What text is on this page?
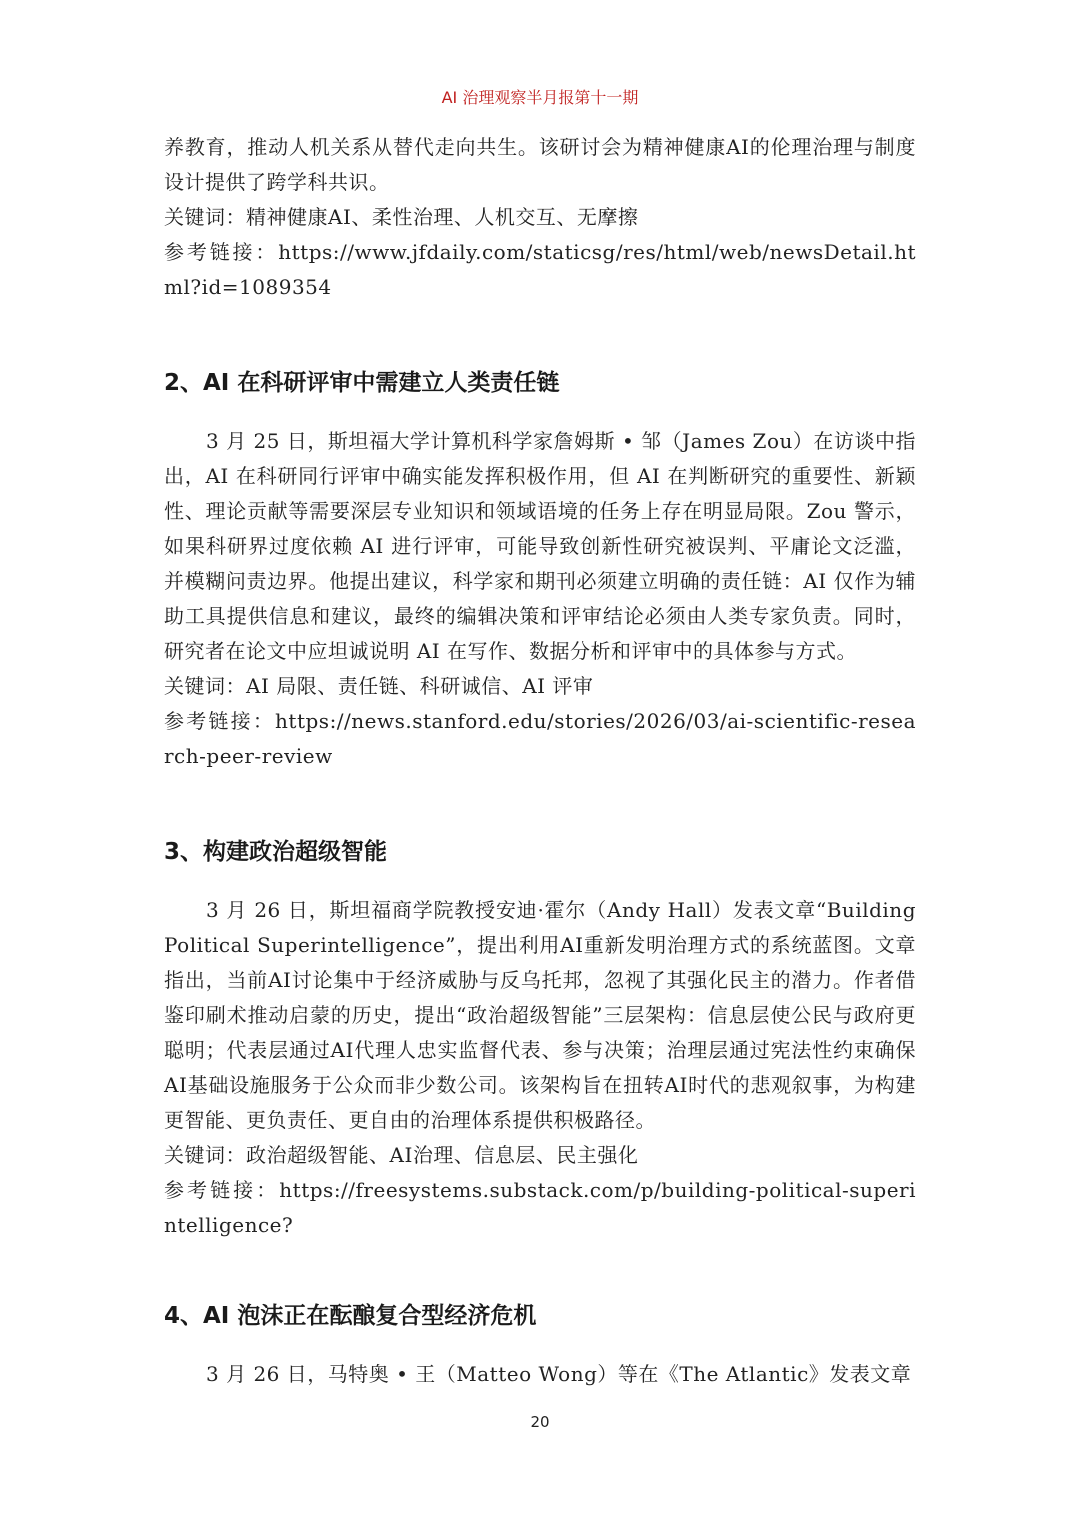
AI 治理观察半月报第十一期

养教育，推动人机关系从替代走向共生。该研讨会为精神健康AI的伦理治理与制度设计提供了跨学科共识。

关键词：精神健康AI、柔性治理、人机交互、无摩擦

参考链接：https://www.jfdaily.com/staticsg/res/html/web/newsDetail.html?id=1089354

2、AI 在科研评审中需建立人类责任链

3 月 25 日，斯坦福大学计算机科学家詹姆斯 • 邹（James Zou）在访谈中指出，AI 在科研同行评审中确实能发挥积极作用，但 AI 在判断研究的重要性、新颖性、理论贡献等需要深层专业知识和领域语境的任务上存在明显局限。Zou 警示，如果科研界过度依赖 AI 进行评审，可能导致创新性研究被误判、平庸论文泛滥，并模糊问责边界。他提出建议，科学家和期刊必须建立明确的责任链：AI 仅作为辅助工具提供信息和建议，最终的编辑决策和评审结论必须由人类专家负责。同时，研究者在论文中应坦诚说明 AI 在写作、数据分析和评审中的具体参与方式。

关键词：AI 局限、责任链、科研诚信、AI 评审

参考链接：https://news.stanford.edu/stories/2026/03/ai-scientific-research-peer-review

3、构建政治超级智能

3 月 26 日，斯坦福商学院教授安迪·霍尔（Andy Hall）发表文章“Building Political Superintelligence”，提出利用AI重新发明治理方式的系统蓝图。文章指出，当前AI讨论集中于经济威胁与反乌托邦，忽视了其强化民主的潜力。作者借鉴印刷术推动启蒙的历史，提出“政治超级智能”三层架构：信息层使公民与政府更聪明；代表层通过AI代理人忠实监督代表、参与决策；治理层通过宪法性约束确保AI基础设施服务于公众而非少数公司。该架构旨在扭转AI时代的悲观叙事，为构建更智能、更负责任、更自由的治理体系提供积极路径。

关键词：政治超级智能、AI治理、信息层、民主强化

参考链接：https://freesystems.substack.com/p/building-political-superintelligence?

4、AI 泡沫正在酝酿复合型经济危机

3 月 26 日，马特奥 • 王（Matteo Wong）等在《The Atlantic》发表文章

20
